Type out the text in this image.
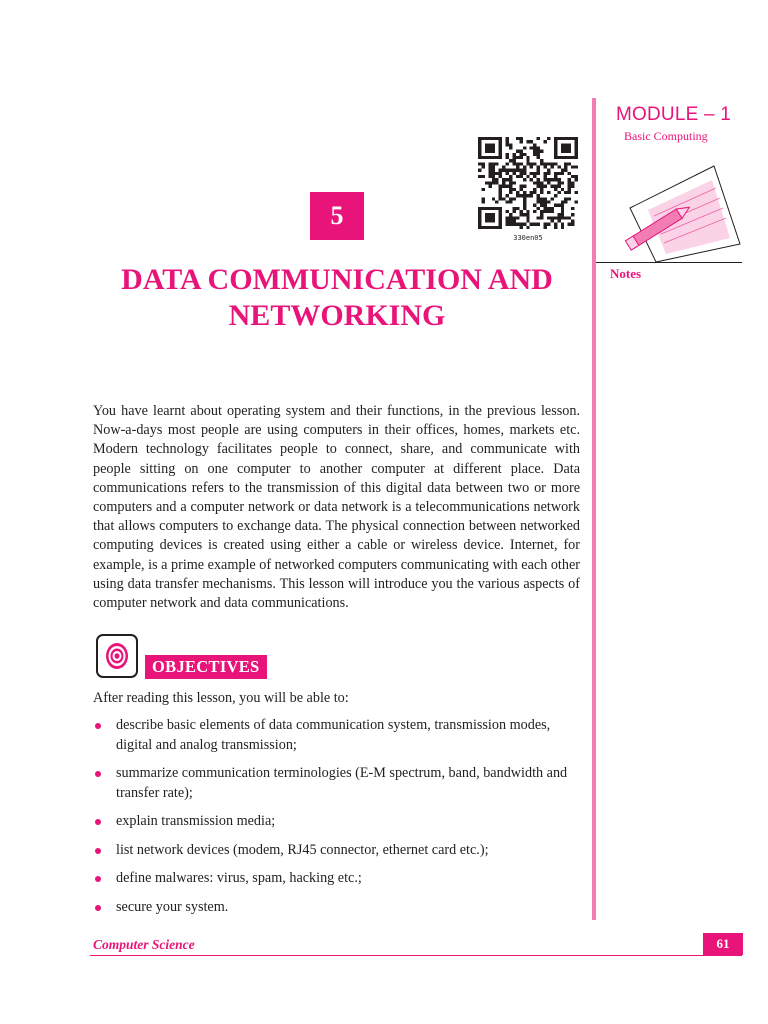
MODULE – 1
Basic Computing
Notes
330en05
5
DATA COMMUNICATION AND
NETWORKING

You have learnt about operating system and their functions, in the previous lesson. Now-a-days most people are using computers in their offices, homes, markets etc. Modern technology facilitates people to connect, share, and communicate with people sitting on one computer to another computer at different place. Data communications refers to the transmission of this digital data between two or more computers and a computer network or data network is a telecommunications network that allows computers to exchange data. The physical connection between networked computing devices is created using either a cable or wireless device. Internet, for example, is a prime example of networked computers communicating with each other using data transfer mechanisms. This lesson will introduce you the various aspects of computer network and data communications.

OBJECTIVES

After reading this lesson, you will be able to:

describe basic elements of data communication system, transmission modes, digital and analog transmission;
summarize communication terminologies (E-M spectrum, band, bandwidth and transfer rate);
explain transmission media;
list network devices (modem, RJ45 connector, ethernet card etc.);
define malwares: virus, spam, hacking etc.;
secure your system.
Computer Science	61
